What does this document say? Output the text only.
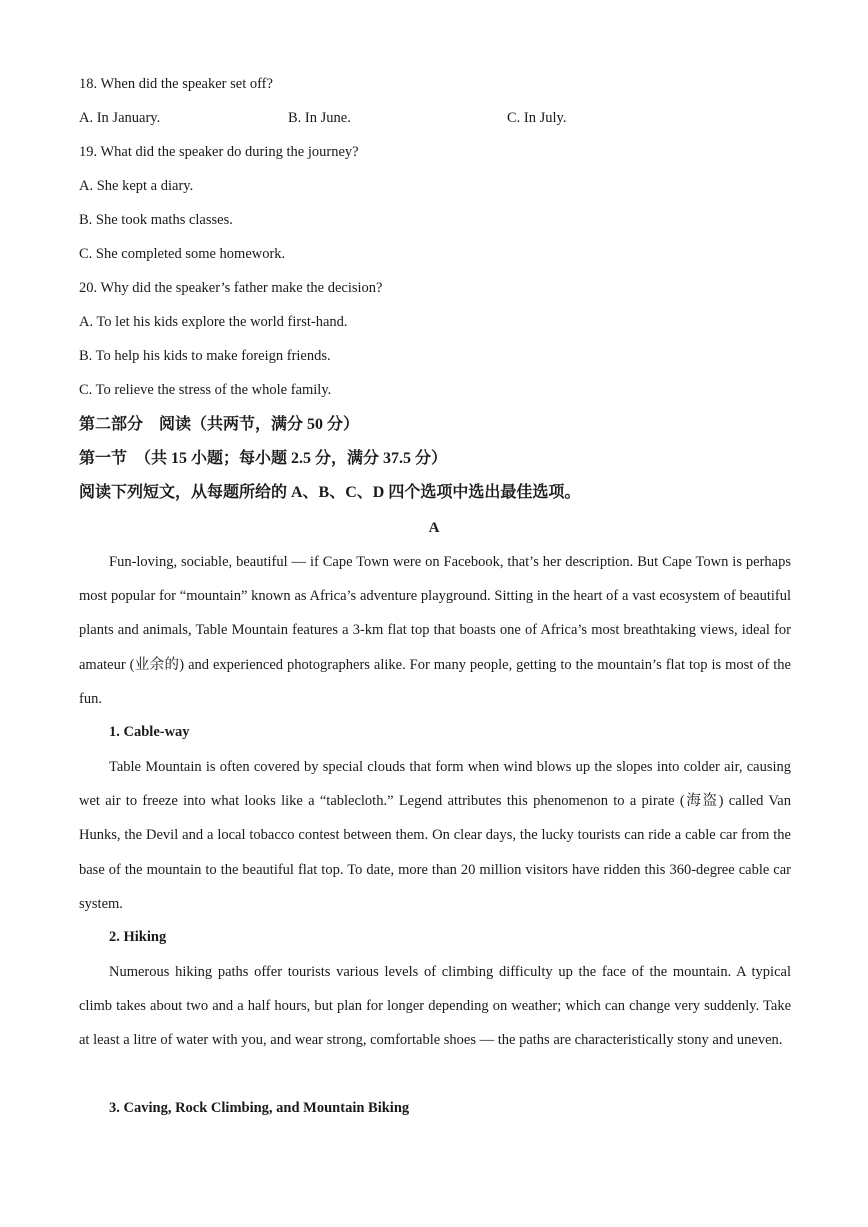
18. When did the speaker set off?
A. In January.	B. In June.	C. In July.
19. What did the speaker do during the journey?
A. She kept a diary.
B. She took maths classes.
C. She completed some homework.
20. Why did the speaker’s father make the decision?
A. To let his kids explore the world first-hand.
B. To help his kids to make foreign friends.
C. To relieve the stress of the whole family.
第二部分　阅读（共两节，满分 50 分）
第一节　（共 15 小题；每小题 2.5 分，满分 37.5 分）
阅读下列短文，从每题所给的 A、B、C、D 四个选项中选出最佳选项。
A
Fun-loving, sociable, beautiful — if Cape Town were on Facebook, that’s her description. But Cape Town is perhaps most popular for “mountain” known as Africa’s adventure playground. Sitting in the heart of a vast ecosystem of beautiful plants and animals, Table Mountain features a 3-km flat top that boasts one of Africa’s most breathtaking views, ideal for amateur (业余的) and experienced photographers alike. For many people, getting to the mountain’s flat top is most of the fun.
1. Cable-way
Table Mountain is often covered by special clouds that form when wind blows up the slopes into colder air, causing wet air to freeze into what looks like a “tablecloth.” Legend attributes this phenomenon to a pirate (海盗) called Van Hunks, the Devil and a local tobacco contest between them. On clear days, the lucky tourists can ride a cable car from the base of the mountain to the beautiful flat top. To date, more than 20 million visitors have ridden this 360-degree cable car system.
2. Hiking
Numerous hiking paths offer tourists various levels of climbing difficulty up the face of the mountain. A typical climb takes about two and a half hours, but plan for longer depending on weather; which can change very suddenly. Take at least a litre of water with you, and wear strong, comfortable shoes — the paths are characteristically stony and uneven.
3. Caving, Rock Climbing, and Mountain Biking
